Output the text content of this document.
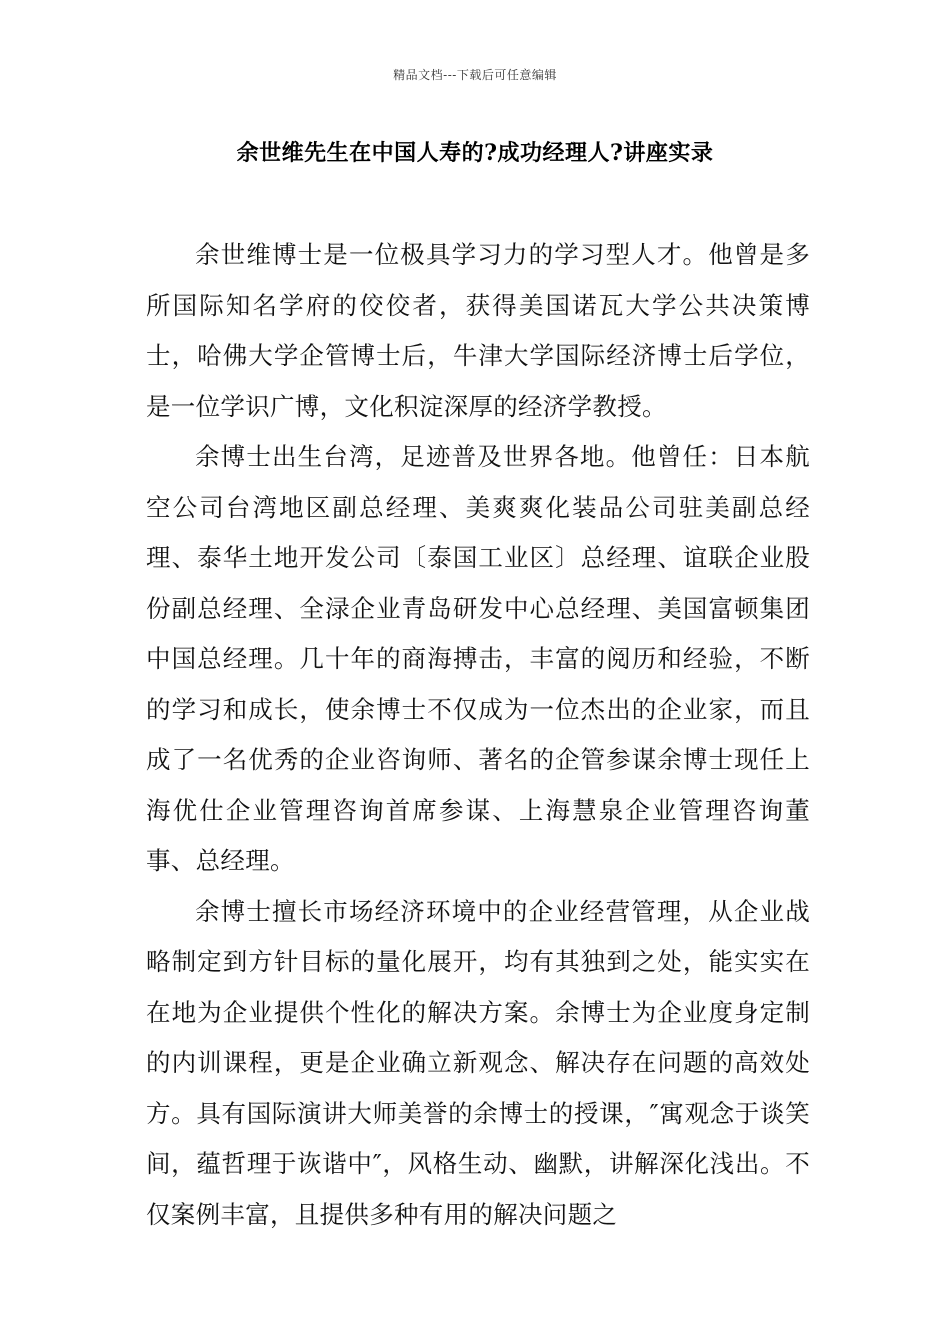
精品文档---下载后可任意编辑
余世维先生在中国人寿的?成功经理人?讲座实录

余世维博士是一位极具学习力的学习型人才。他曾是多所国际知名学府的佼佼者，获得美国诺瓦大学公共决策博士，哈佛大学企管博士后，牛津大学国际经济博士后学位，是一位学识广博，文化积淀深厚的经济学教授。

余博士出生台湾，足迹普及世界各地。他曾任：日本航空公司台湾地区副总经理、美爽爽化装品公司驻美副总经理、泰华土地开发公司〔泰国工业区〕总经理、谊联企业股份副总经理、全渌企业青岛研发中心总经理、美国富顿集团中国总经理。几十年的商海搏击，丰富的阅历和经验，不断的学习和成长，使余博士不仅成为一位杰出的企业家，而且成了一名优秀的企业咨询师、著名的企管参谋余博士现任上海优仕企业管理咨询首席参谋、上海慧泉企业管理咨询董事、总经理。

余博士擅长市场经济环境中的企业经营管理，从企业战略制定到方针目标的量化展开，均有其独到之处，能实实在在地为企业提供个性化的解决方案。余博士为企业度身定制的内训课程，更是企业确立新观念、解决存在问题的高效处方。具有国际演讲大师美誉的余博士的授课，″寓观念于谈笑间，蕴哲理于诙谐中″，风格生动、幽默，讲解深化浅出。不仅案例丰富，且提供多种有用的解决问题之
